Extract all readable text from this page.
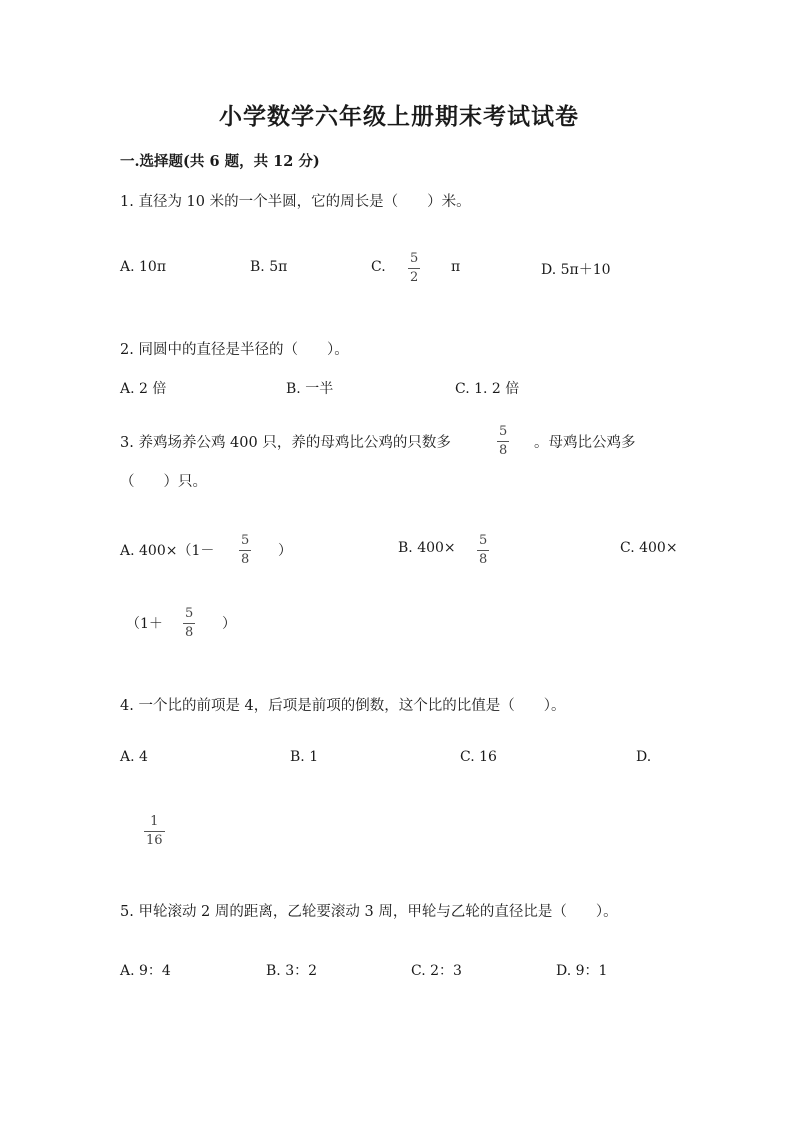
小学数学六年级上册期末考试试卷
一.选择题(共 6 题，共 12 分)
1. 直径为 10 米的一个半圆，它的周长是（　　）米。
A. 10π	B. 5π	C.
5
2
π	D. 5π＋10
2. 同圆中的直径是半径的（　　）。
A. 2 倍	B. 一半	C. 1. 2 倍
3. 养鸡场养公鸡 400 只，养的母鸡比公鸡的只数多
5
8 。母鸡比公鸡多
（　　）只。
A. 400×（1－
5
8
）	B. 400× 5
8
C. 400×
（1＋
5
8
）
4. 一个比的前项是 4，后项是前项的倒数，这个比的比值是（　　）。
A. 4	B. 1	C. 16	D.
1
16
5. 甲轮滚动 2 周的距离，乙轮要滚动 3 周，甲轮与乙轮的直径比是（　　）。
A. 9：4	B. 3：2	C. 2：3	D. 9：1
